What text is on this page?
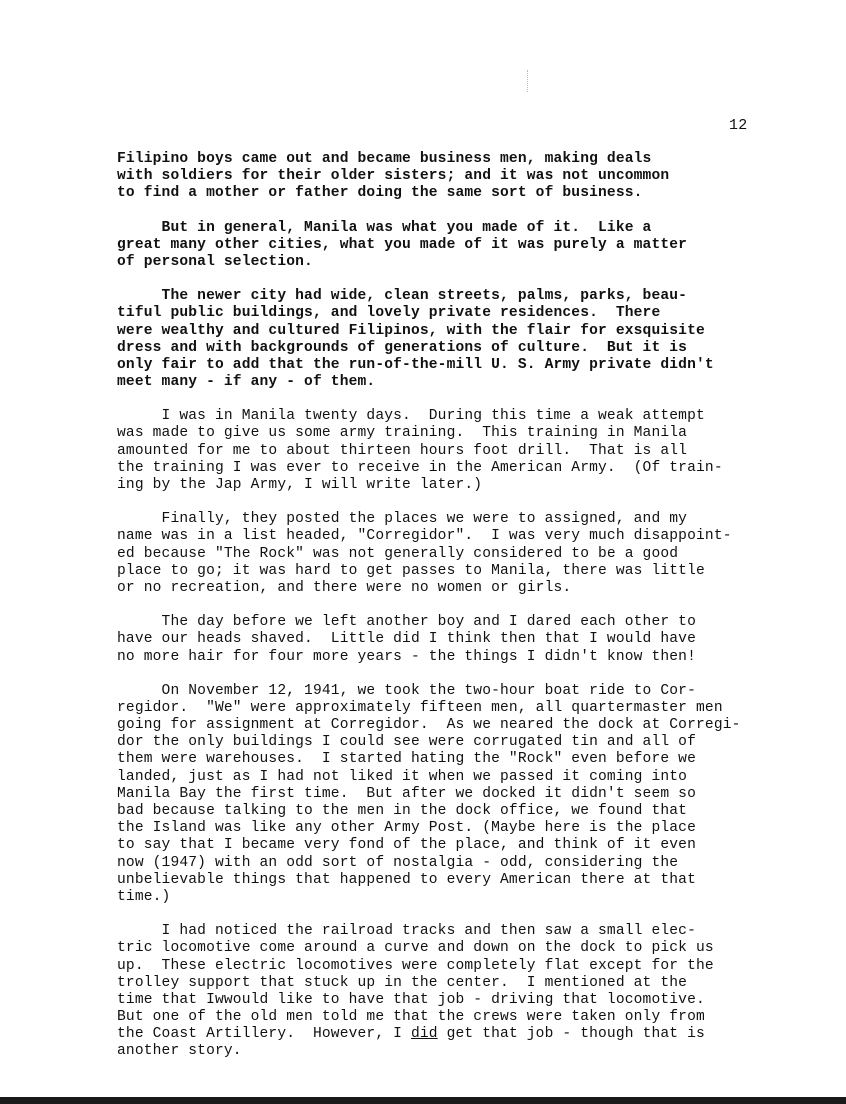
12
Filipino boys came out and became business men, making deals
with soldiers for their older sisters; and it was not uncommon
to find a mother or father doing the same sort of business.
But in general, Manila was what you made of it.  Like a
great many other cities, what you made of it was purely a matter
of personal selection.
The newer city had wide, clean streets, palms, parks, beau-
tiful public buildings, and lovely private residences.  There
were wealthy and cultured Filipinos, with the flair for exsquisite
dress and with backgrounds of generations of culture.  But it is
only fair to add that the run-of-the-mill U. S. Army private didn't
meet many - if any - of them.
I was in Manila twenty days.  During this time a weak attempt
was made to give us some army training.  This training in Manila
amounted for me to about thirteen hours foot drill.  That is all
the training I was ever to receive in the American Army.  (Of train-
ing by the Jap Army, I will write later.)
Finally, they posted the places we were to assigned, and my
name was in a list headed, "Corregidor".  I was very much disappoint-
ed because "The Rock" was not generally considered to be a good
place to go; it was hard to get passes to Manila, there was little
or no recreation, and there were no women or girls.
The day before we left another boy and I dared each other to
have our heads shaved.  Little did I think then that I would have
no more hair for four more years - the things I didn't know then!
On November 12, 1941, we took the two-hour boat ride to Cor-
regidor.  "We" were approximately fifteen men, all quartermaster men
going for assignment at Corregidor.  As we neared the dock at Corregi-
dor the only buildings I could see were corrugated tin and all of
them were warehouses.  I started hating the "Rock" even before we
landed, just as I had not liked it when we passed it coming into
Manila Bay the first time.  But after we docked it didn't seem so
bad because talking to the men in the dock office, we found that
the Island was like any other Army Post. (Maybe here is the place
to say that I became very fond of the place, and think of it even
now (1947) with an odd sort of nostalgia - odd, considering the
unbelievable things that happened to every American there at that
time.)
I had noticed the railroad tracks and then saw a small elec-
tric locomotive come around a curve and down on the dock to pick us
up.  These electric locomotives were completely flat except for the
trolley support that stuck up in the center.  I mentioned at the
time that Iwwould like to have that job - driving that locomotive.
But one of the old men told me that the crews were taken only from
the Coast Artillery.  However, I did get that job - though that is
another story.
